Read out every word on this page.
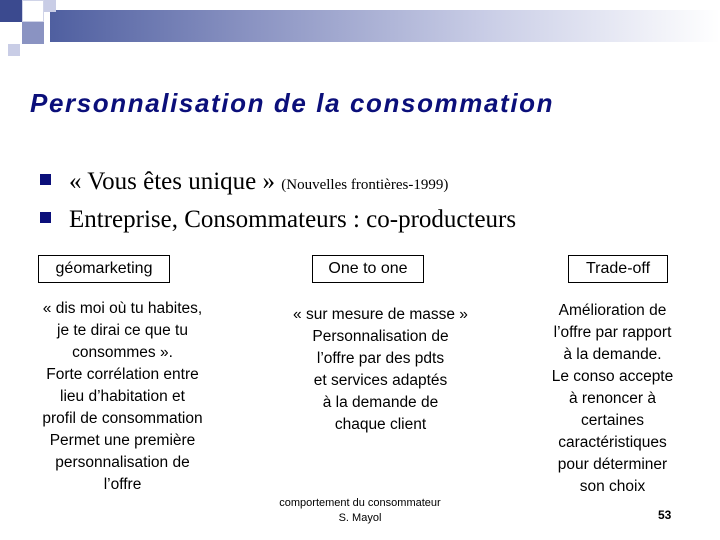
Personnalisation de la consommation
« Vous êtes unique » (Nouvelles frontières-1999)
Entreprise, Consommateurs : co-producteurs
géomarketing	One to one	Trade-off
« dis moi où tu habites,
je te dirai ce que tu
consommes ».
Forte corrélation entre
lieu d’habitation et
profil de consommation
Permet une première
personnalisation de
l’offre
« sur mesure de masse »
Personnalisation de
l’offre par des pdts
et services adaptés
à la demande de
chaque client
Amélioration de
l’offre par rapport
à la demande.
Le conso accepte
à renoncer à
certaines
caractéristiques
pour déterminer
son choix
comportement du consommateur
S. Mayol	53
